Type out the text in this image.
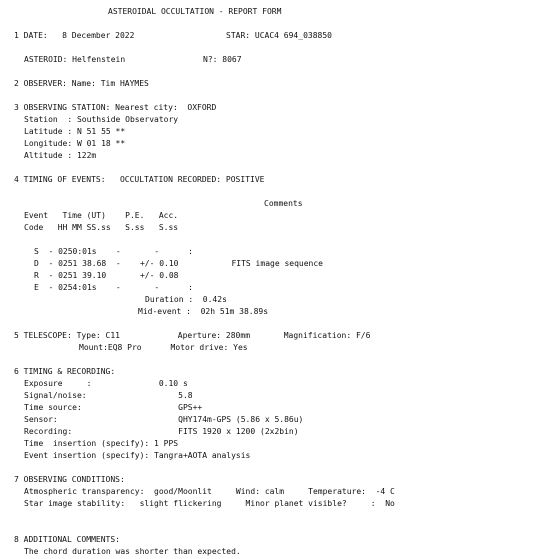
ASTEROIDAL OCCULTATION - REPORT FORM
1 DATE:   8 December 2022	STAR: UCAC4 694_038850
ASTEROID: Helfenstein	N?: 8067
2 OBSERVER: Name: Tim HAYMES
3 OBSERVING STATION: Nearest city:  OXFORD
Station  : Southside Observatory
Latitude : N 51 55 **
Longitude: W 01 18 **
Altitude : 122m
4 TIMING OF EVENTS:   OCCULTATION RECORDED: POSITIVE
Comments
Event   Time (UT)    P.E.   Acc.
Code   HH MM SS.ss   S.ss   S.ss
S  - 0250:01s    -       -      :
D  - 0251 38.68  -    +/- 0.10           FITS image sequence
R  - 0251 39.10       +/- 0.08
E  - 0254:01s    -       -      :
Duration :  0.42s
Mid-event :  02h 51m 38.89s
5 TELESCOPE: Type: C11            Aperture: 280mm       Magnification: F/6
Mount:EQ8 Pro      Motor drive: Yes
6 TIMING & RECORDING:
Exposure     :              0.10 s
Signal/noise:                   5.8
Time source:                    GPS++
Sensor:                         QHY174m-GPS (5.86 x 5.86u)
Recording:                      FITS 1920 x 1200 (2x2bin)
Time  insertion (specify): 1 PPS
Event insertion (specify): Tangra+AOTA analysis
7 OBSERVING CONDITIONS:
Atmospheric transparency:  good/Moonlit     Wind: calm     Temperature:  -4 C
Star image stability:   slight flickering     Minor planet visible?     :  No
8 ADDITIONAL COMMENTS:
The chord duration was shorter than expected.
